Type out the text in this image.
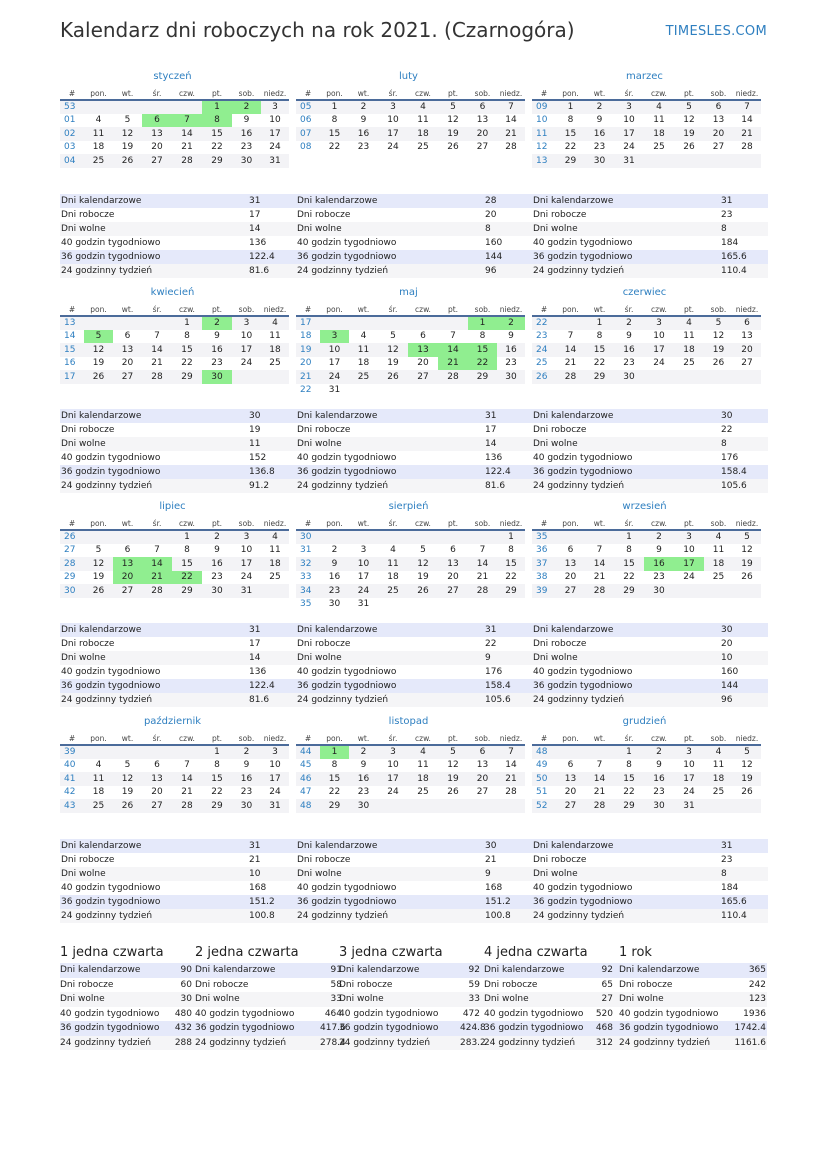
Kalendarz dni roboczych na rok 2021. (Czarnogóra)	TIMESLES.COM
styczeń
#	pon.	wt.	śr.	czw.	pt.	sob.	niedz.
53					1	2	3
01	4	5	6	7	8	9	10
02	11	12	13	14	15	16	17
03	18	19	20	21	22	23	24
04	25	26	27	28	29	30	31
Dni kalendarzowe	31
Dni robocze	17
Dni wolne	14
40 godzin tygodniowo	136
36 godzin tygodniowo	122.4
24 godzinny tydzień	81.6
luty
#	pon.	wt.	śr.	czw.	pt.	sob.	niedz.
05	1	2	3	4	5	6	7
06	8	9	10	11	12	13	14
07	15	16	17	18	19	20	21
08	22	23	24	25	26	27	28
Dni kalendarzowe	28
Dni robocze	20
Dni wolne	8
40 godzin tygodniowo	160
36 godzin tygodniowo	144
24 godzinny tydzień	96
marzec
#	pon.	wt.	śr.	czw.	pt.	sob.	niedz.
09	1	2	3	4	5	6	7
10	8	9	10	11	12	13	14
11	15	16	17	18	19	20	21
12	22	23	24	25	26	27	28
13	29	30	31				
Dni kalendarzowe	31
Dni robocze	23
Dni wolne	8
40 godzin tygodniowo	184
36 godzin tygodniowo	165.6
24 godzinny tydzień	110.4
kwiecień
#	pon.	wt.	śr.	czw.	pt.	sob.	niedz.
13				1	2	3	4
14	5	6	7	8	9	10	11
15	12	13	14	15	16	17	18
16	19	20	21	22	23	24	25
17	26	27	28	29	30		
Dni kalendarzowe	30
Dni robocze	19
Dni wolne	11
40 godzin tygodniowo	152
36 godzin tygodniowo	136.8
24 godzinny tydzień	91.2
maj
#	pon.	wt.	śr.	czw.	pt.	sob.	niedz.
17						1	2
18	3	4	5	6	7	8	9
19	10	11	12	13	14	15	16
20	17	18	19	20	21	22	23
21	24	25	26	27	28	29	30
22	31						
Dni kalendarzowe	31
Dni robocze	17
Dni wolne	14
40 godzin tygodniowo	136
36 godzin tygodniowo	122.4
24 godzinny tydzień	81.6
czerwiec
#	pon.	wt.	śr.	czw.	pt.	sob.	niedz.
22		1	2	3	4	5	6
23	7	8	9	10	11	12	13
24	14	15	16	17	18	19	20
25	21	22	23	24	25	26	27
26	28	29	30				
Dni kalendarzowe	30
Dni robocze	22
Dni wolne	8
40 godzin tygodniowo	176
36 godzin tygodniowo	158.4
24 godzinny tydzień	105.6
lipiec
#	pon.	wt.	śr.	czw.	pt.	sob.	niedz.
26				1	2	3	4
27	5	6	7	8	9	10	11
28	12	13	14	15	16	17	18
29	19	20	21	22	23	24	25
30	26	27	28	29	30	31	
Dni kalendarzowe	31
Dni robocze	17
Dni wolne	14
40 godzin tygodniowo	136
36 godzin tygodniowo	122.4
24 godzinny tydzień	81.6
sierpień
#	pon.	wt.	śr.	czw.	pt.	sob.	niedz.
30							1
31	2	3	4	5	6	7	8
32	9	10	11	12	13	14	15
33	16	17	18	19	20	21	22
34	23	24	25	26	27	28	29
35	30	31					
Dni kalendarzowe	31
Dni robocze	22
Dni wolne	9
40 godzin tygodniowo	176
36 godzin tygodniowo	158.4
24 godzinny tydzień	105.6
wrzesień
#	pon.	wt.	śr.	czw.	pt.	sob.	niedz.
35			1	2	3	4	5
36	6	7	8	9	10	11	12
37	13	14	15	16	17	18	19
38	20	21	22	23	24	25	26
39	27	28	29	30			
Dni kalendarzowe	30
Dni robocze	20
Dni wolne	10
40 godzin tygodniowo	160
36 godzin tygodniowo	144
24 godzinny tydzień	96
październik
#	pon.	wt.	śr.	czw.	pt.	sob.	niedz.
39					1	2	3
40	4	5	6	7	8	9	10
41	11	12	13	14	15	16	17
42	18	19	20	21	22	23	24
43	25	26	27	28	29	30	31
Dni kalendarzowe	31
Dni robocze	21
Dni wolne	10
40 godzin tygodniowo	168
36 godzin tygodniowo	151.2
24 godzinny tydzień	100.8
listopad
#	pon.	wt.	śr.	czw.	pt.	sob.	niedz.
44	1	2	3	4	5	6	7
45	8	9	10	11	12	13	14
46	15	16	17	18	19	20	21
47	22	23	24	25	26	27	28
48	29	30					
Dni kalendarzowe	30
Dni robocze	21
Dni wolne	9
40 godzin tygodniowo	168
36 godzin tygodniowo	151.2
24 godzinny tydzień	100.8
grudzień
#	pon.	wt.	śr.	czw.	pt.	sob.	niedz.
48			1	2	3	4	5
49	6	7	8	9	10	11	12
50	13	14	15	16	17	18	19
51	20	21	22	23	24	25	26
52	27	28	29	30	31		
Dni kalendarzowe	31
Dni robocze	23
Dni wolne	8
40 godzin tygodniowo	184
36 godzin tygodniowo	165.6
24 godzinny tydzień	110.4
1 jedna czwarta
Dni kalendarzowe	90
Dni robocze	60
Dni wolne	30
40 godzin tygodniowo	480
36 godzin tygodniowo	432
24 godzinny tydzień	288
2 jedna czwarta
Dni kalendarzowe	91
Dni robocze	58
Dni wolne	33
40 godzin tygodniowo	464
36 godzin tygodniowo	417.6
24 godzinny tydzień	278.4
3 jedna czwarta
Dni kalendarzowe	92
Dni robocze	59
Dni wolne	33
40 godzin tygodniowo	472
36 godzin tygodniowo	424.8
24 godzinny tydzień	283.2
4 jedna czwarta
Dni kalendarzowe	92
Dni robocze	65
Dni wolne	27
40 godzin tygodniowo	520
36 godzin tygodniowo	468
24 godzinny tydzień	312
1 rok
Dni kalendarzowe	365
Dni robocze	242
Dni wolne	123
40 godzin tygodniowo	1936
36 godzin tygodniowo	1742.4
24 godzinny tydzień	1161.6
